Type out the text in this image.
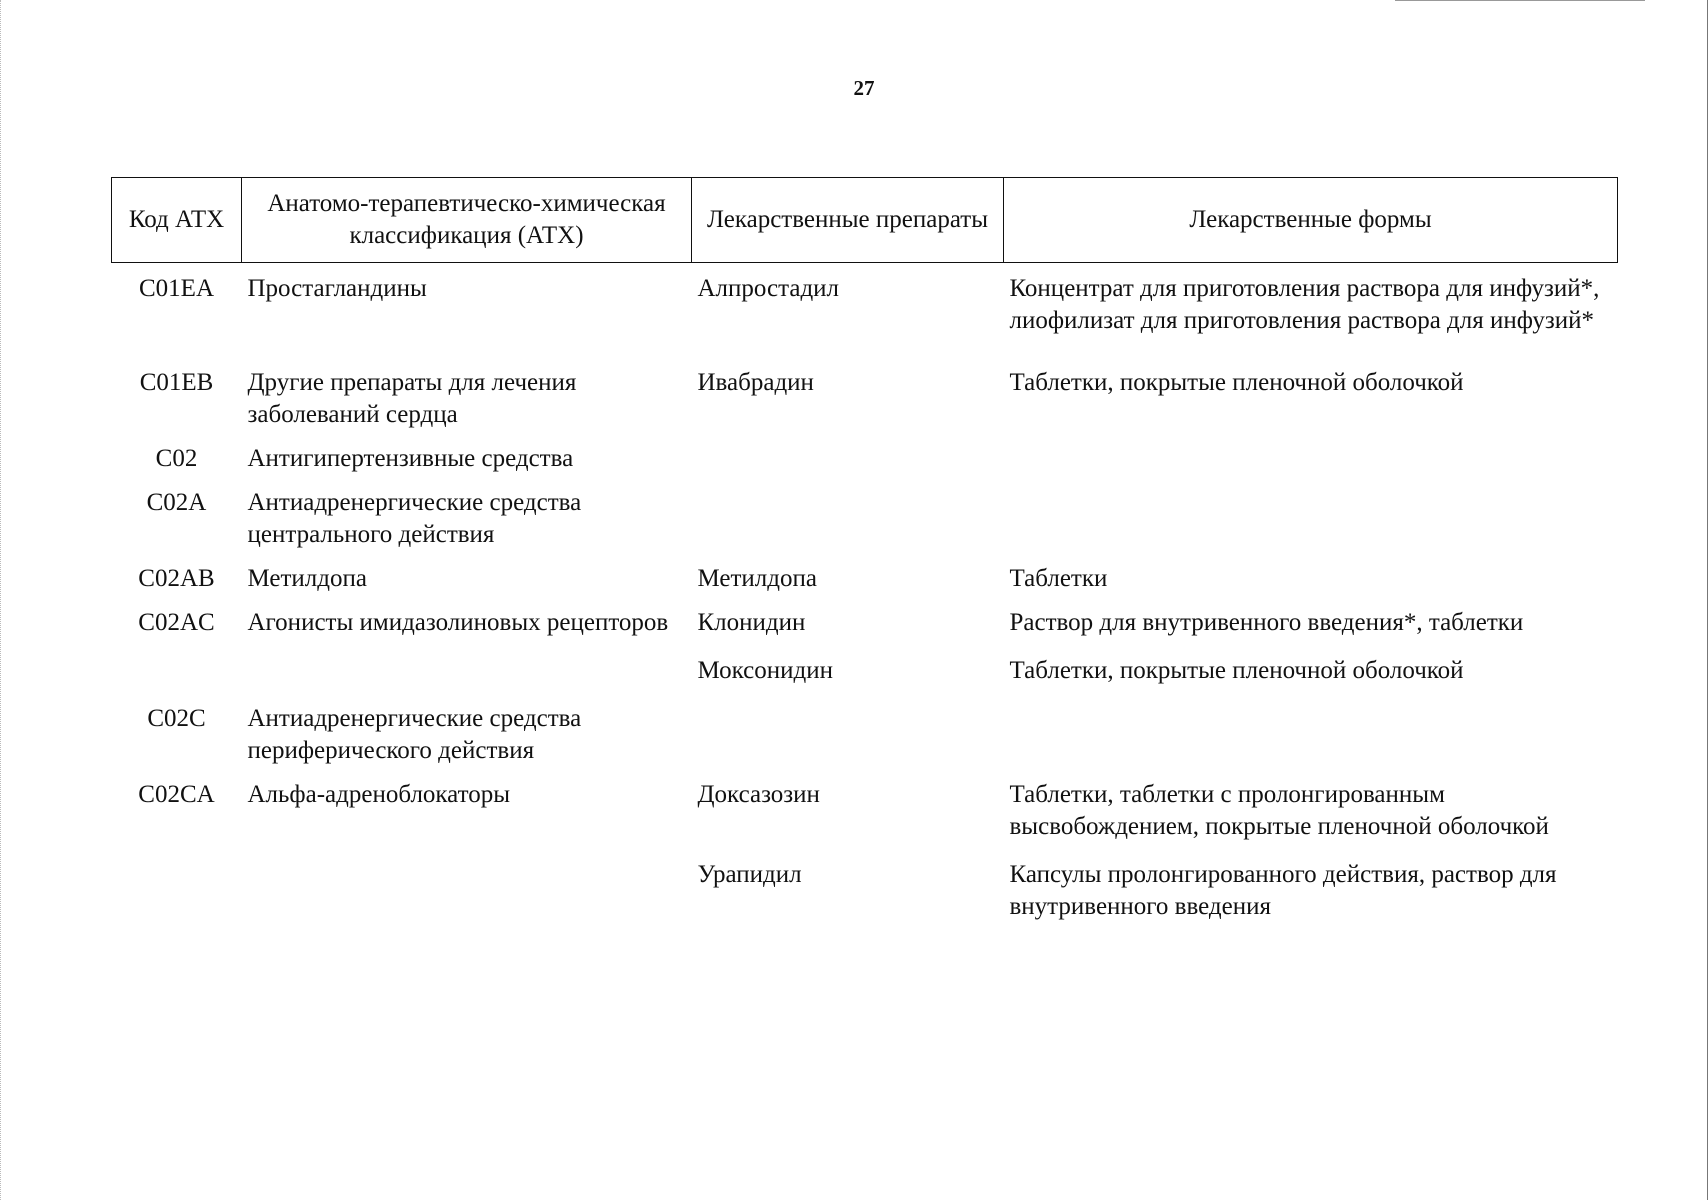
27
Код АТХ	Анатомо-терапевтическо-химическая классификация (АТХ)	Лекарственные препараты	Лекарственные формы
C01EA	Простагландины	Алпростадил	Концентрат для приготовления раствора для инфузий*, лиофилизат для приготовления раствора для инфузий*
C01EB	Другие препараты для лечения заболеваний сердца	Ивабрадин	Таблетки, покрытые пленочной оболочкой
C02	Антигипертензивные средства		
C02A	Антиадренергические средства центрального действия		
C02AB	Метилдопа	Метилдопа	Таблетки
C02AC	Агонисты имидазолиновых рецепторов	Клонидин	Раствор для внутривенного введения*, таблетки
		Моксонидин	Таблетки, покрытые пленочной оболочкой
C02C	Антиадренергические средства периферического действия		
C02CA	Альфа-адреноблокаторы	Доксазозин	Таблетки, таблетки с пролонгированным высвобождением, покрытые пленочной оболочкой
		Урапидил	Капсулы пролонгированного действия, раствор для внутривенного введения
